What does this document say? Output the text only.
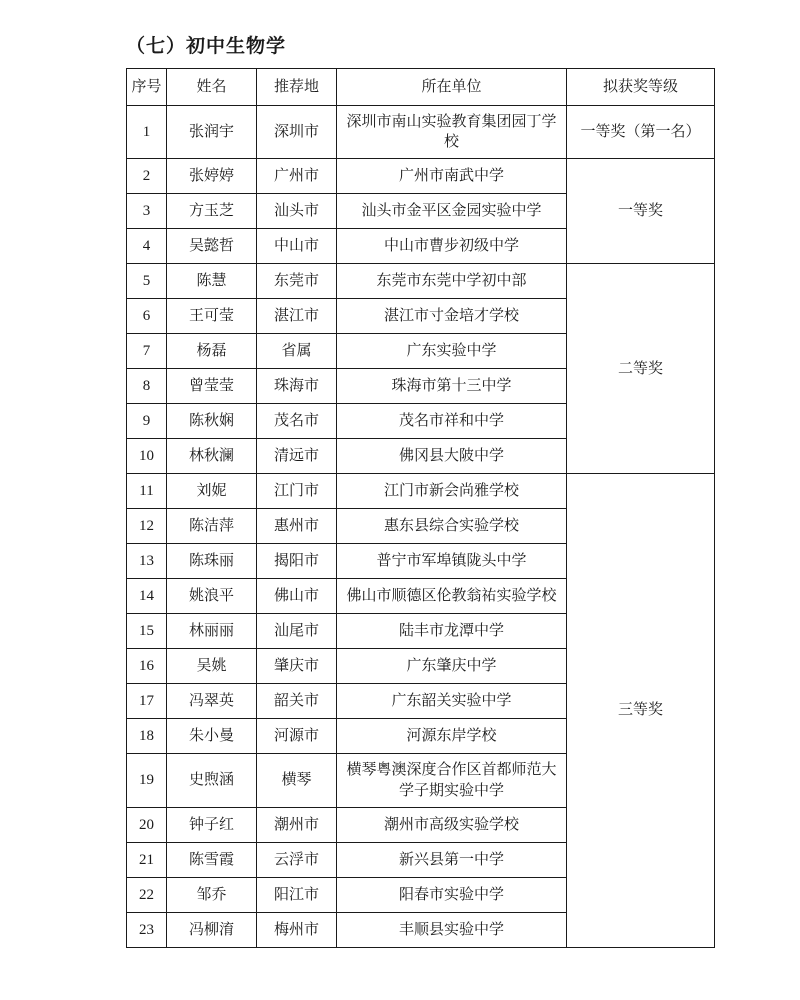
（七）初中生物学
序号	姓名	推荐地	所在单位	拟获奖等级
1	张润宇	深圳市	深圳市南山实验教育集团园丁学校	一等奖（第一名）
2	张婷婷	广州市	广州市南武中学	一等奖
3	方玉芝	汕头市	汕头市金平区金园实验中学	
4	吴懿哲	中山市	中山市曹步初级中学	
5	陈慧	东莞市	东莞市东莞中学初中部	二等奖
6	王可莹	湛江市	湛江市寸金培才学校	
7	杨磊	省属	广东实验中学	
8	曾莹莹	珠海市	珠海市第十三中学	
9	陈秋娴	茂名市	茂名市祥和中学	
10	林秋澜	清远市	佛冈县大陂中学	
11	刘妮	江门市	江门市新会尚雅学校	三等奖
12	陈洁萍	惠州市	惠东县综合实验学校	
13	陈珠丽	揭阳市	普宁市军埠镇陇头中学	
14	姚浪平	佛山市	佛山市顺德区伦教翁祐实验学校	
15	林丽丽	汕尾市	陆丰市龙潭中学	
16	吴姚	肇庆市	广东肇庆中学	
17	冯翠英	韶关市	广东韶关实验中学	
18	朱小曼	河源市	河源东岸学校	
19	史煦涵	横琴	横琴粤澳深度合作区首都师范大学子期实验中学	
20	钟子红	潮州市	潮州市高级实验学校	
21	陈雪霞	云浮市	新兴县第一中学	
22	邹乔	阳江市	阳春市实验中学	
23	冯柳淯	梅州市	丰顺县实验中学	
